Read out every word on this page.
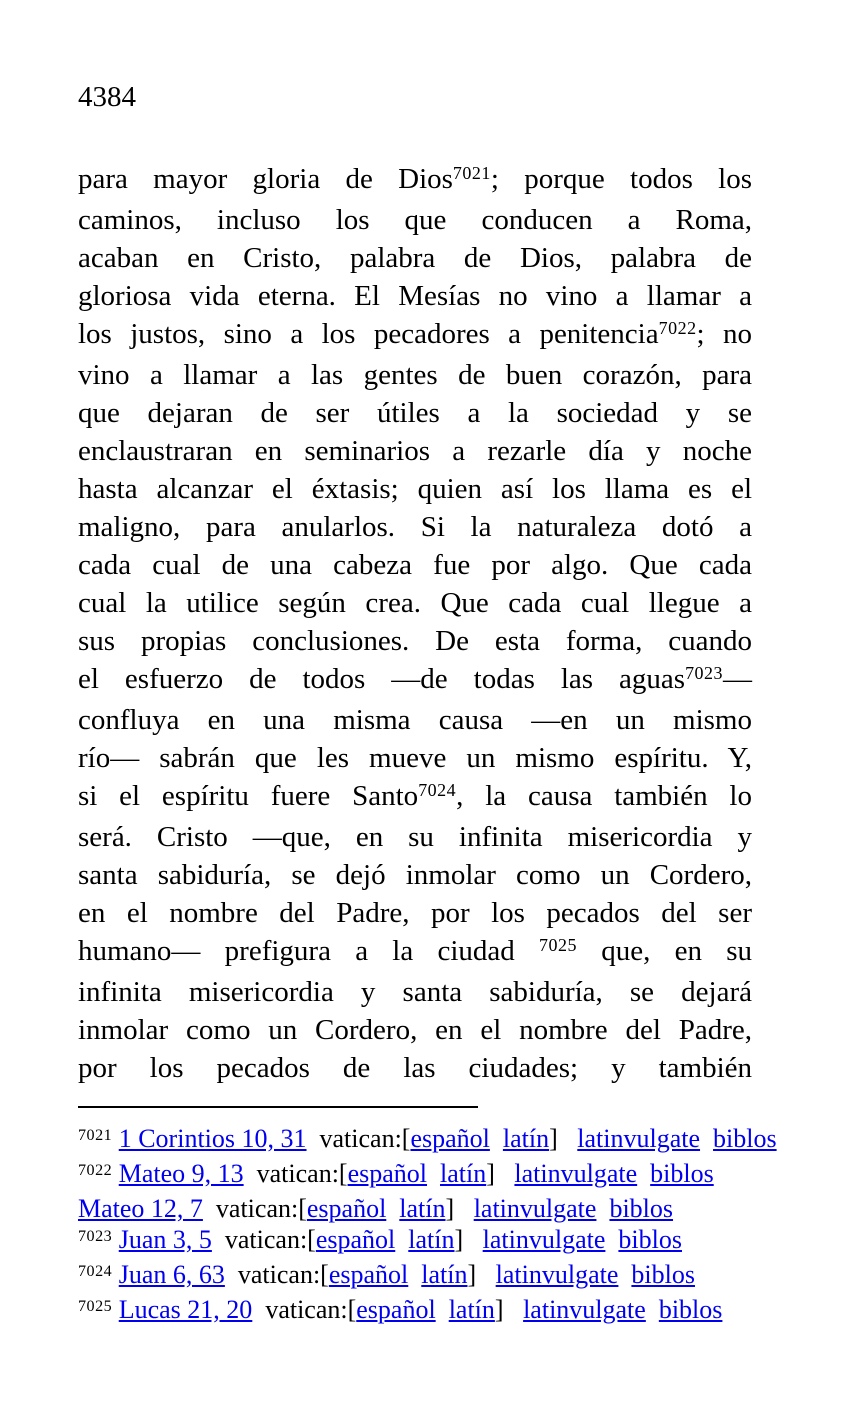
4384
para mayor gloria de Dios$^{7021}$; porque todos los
caminos, incluso los que conducen a Roma,
acaban en Cristo, palabra de Dios, palabra de
gloriosa vida eterna. El Mesías no vino a llamar a
los justos, sino a los pecadores a penitencia$^{7022}$; no
vino a llamar a las gentes de buen corazón, para
que dejaran de ser útiles a la sociedad y se
enclaustraran en seminarios a rezarle día y noche
hasta alcanzar el éxtasis; quien así los llama es el
maligno, para anularlos. Si la naturaleza dotó a
cada cual de una cabeza fue por algo. Que cada
cual la utilice según crea. Que cada cual llegue a
sus propias conclusiones. De esta forma, cuando
el esfuerzo de todos —de todas las aguas$^{7023}$—
confluya en una misma causa —en un mismo
río— sabrán que les mueve un mismo espíritu. Y,
si el espíritu fuere Santo$^{7024}$, la causa también lo
será. Cristo —que, en su infinita misericordia y
santa sabiduría, se dejó inmolar como un Cordero,
en el nombre del Padre, por los pecados del ser
humano— prefigura a la ciudad $^{7025}$ que, en su
infinita misericordia y santa sabiduría, se dejará
inmolar como un Cordero, en el nombre del Padre,
por los pecados de las ciudades; y también
$^{7021}$ 1 Corintios 10, 31  vatican:[español latín]   latinvulgate biblos
$^{7022}$ Mateo 9, 13  vatican:[español latín]   latinvulgate biblos
Mateo 12, 7  vatican:[español latín]   latinvulgate biblos
$^{7023}$ Juan 3, 5  vatican:[español latín]   latinvulgate biblos
$^{7024}$ Juan 6, 63  vatican:[español latín]   latinvulgate biblos
$^{7025}$ Lucas 21, 20  vatican:[español latín]   latinvulgate biblos
